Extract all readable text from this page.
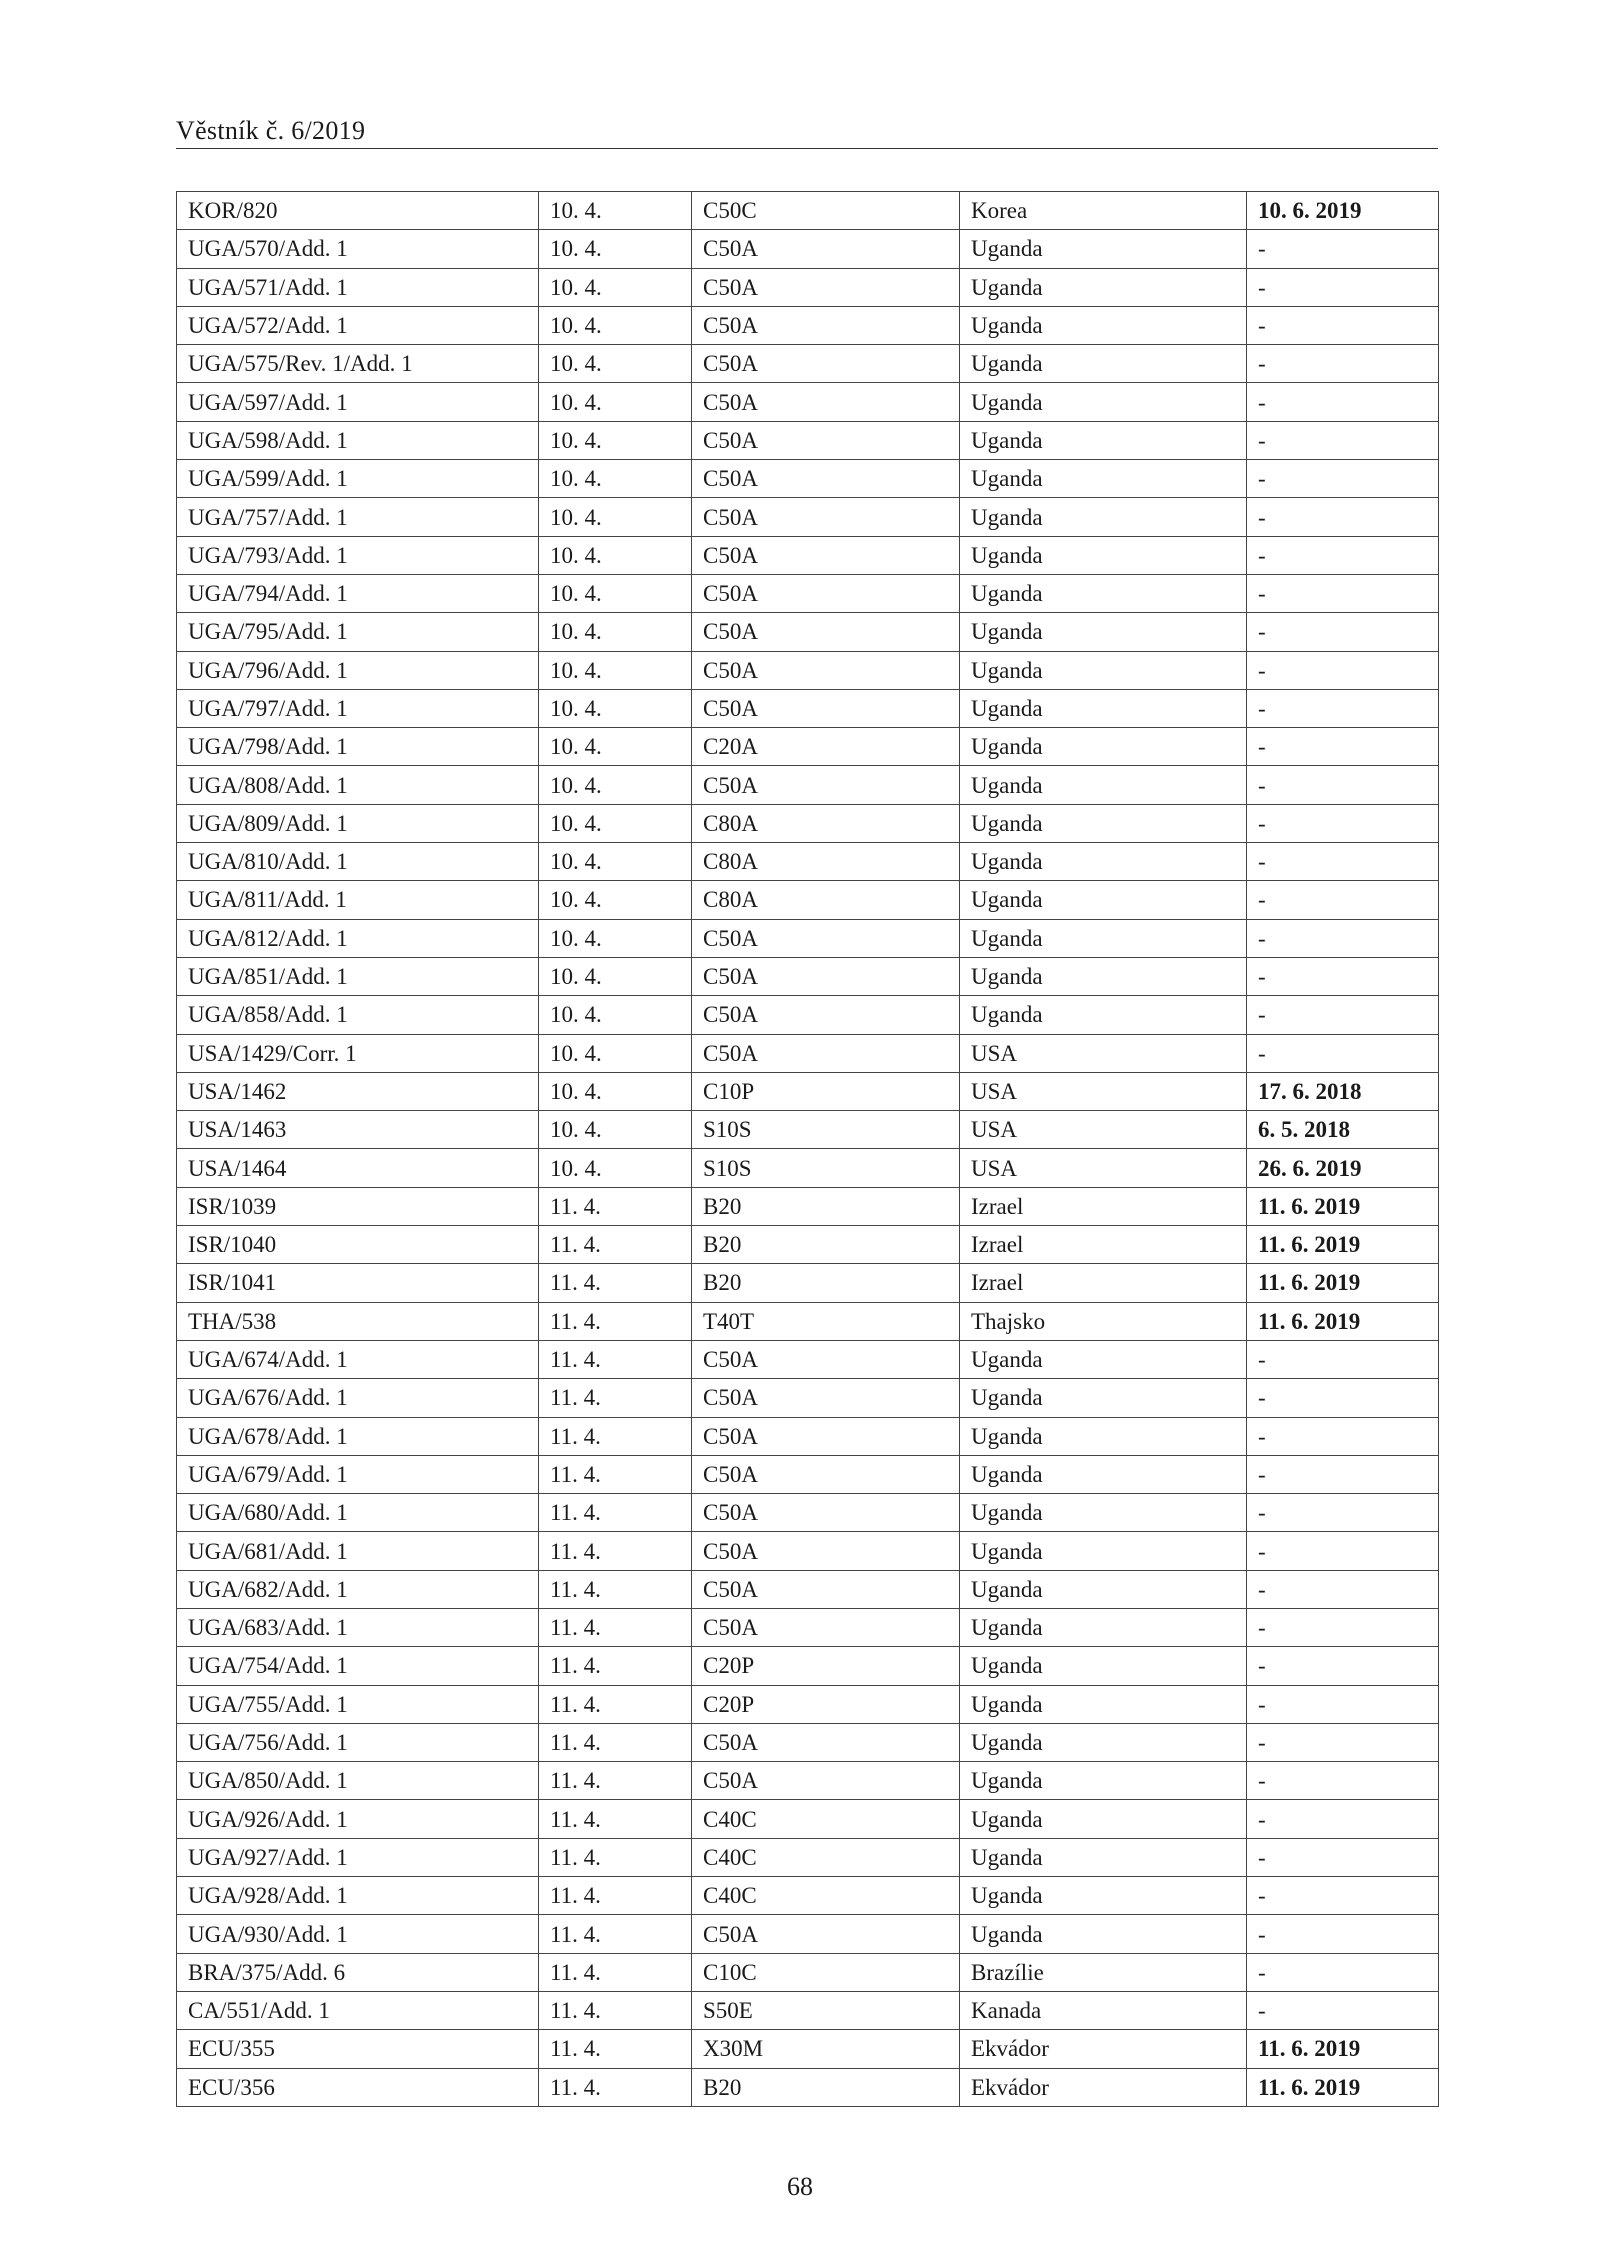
Věstník č. 6/2019
KOR/820	10. 4.	C50C	Korea	10. 6. 2019
UGA/570/Add. 1	10. 4.	C50A	Uganda	-
UGA/571/Add. 1	10. 4.	C50A	Uganda	-
UGA/572/Add. 1	10. 4.	C50A	Uganda	-
UGA/575/Rev. 1/Add. 1	10. 4.	C50A	Uganda	-
UGA/597/Add. 1	10. 4.	C50A	Uganda	-
UGA/598/Add. 1	10. 4.	C50A	Uganda	-
UGA/599/Add. 1	10. 4.	C50A	Uganda	-
UGA/757/Add. 1	10. 4.	C50A	Uganda	-
UGA/793/Add. 1	10. 4.	C50A	Uganda	-
UGA/794/Add. 1	10. 4.	C50A	Uganda	-
UGA/795/Add. 1	10. 4.	C50A	Uganda	-
UGA/796/Add. 1	10. 4.	C50A	Uganda	-
UGA/797/Add. 1	10. 4.	C50A	Uganda	-
UGA/798/Add. 1	10. 4.	C20A	Uganda	-
UGA/808/Add. 1	10. 4.	C50A	Uganda	-
UGA/809/Add. 1	10. 4.	C80A	Uganda	-
UGA/810/Add. 1	10. 4.	C80A	Uganda	-
UGA/811/Add. 1	10. 4.	C80A	Uganda	-
UGA/812/Add. 1	10. 4.	C50A	Uganda	-
UGA/851/Add. 1	10. 4.	C50A	Uganda	-
UGA/858/Add. 1	10. 4.	C50A	Uganda	-
USA/1429/Corr. 1	10. 4.	C50A	USA	-
USA/1462	10. 4.	C10P	USA	17. 6. 2018
USA/1463	10. 4.	S10S	USA	6. 5. 2018
USA/1464	10. 4.	S10S	USA	26. 6. 2019
ISR/1039	11. 4.	B20	Izrael	11. 6. 2019
ISR/1040	11. 4.	B20	Izrael	11. 6. 2019
ISR/1041	11. 4.	B20	Izrael	11. 6. 2019
THA/538	11. 4.	T40T	Thajsko	11. 6. 2019
UGA/674/Add. 1	11. 4.	C50A	Uganda	-
UGA/676/Add. 1	11. 4.	C50A	Uganda	-
UGA/678/Add. 1	11. 4.	C50A	Uganda	-
UGA/679/Add. 1	11. 4.	C50A	Uganda	-
UGA/680/Add. 1	11. 4.	C50A	Uganda	-
UGA/681/Add. 1	11. 4.	C50A	Uganda	-
UGA/682/Add. 1	11. 4.	C50A	Uganda	-
UGA/683/Add. 1	11. 4.	C50A	Uganda	-
UGA/754/Add. 1	11. 4.	C20P	Uganda	-
UGA/755/Add. 1	11. 4.	C20P	Uganda	-
UGA/756/Add. 1	11. 4.	C50A	Uganda	-
UGA/850/Add. 1	11. 4.	C50A	Uganda	-
UGA/926/Add. 1	11. 4.	C40C	Uganda	-
UGA/927/Add. 1	11. 4.	C40C	Uganda	-
UGA/928/Add. 1	11. 4.	C40C	Uganda	-
UGA/930/Add. 1	11. 4.	C50A	Uganda	-
BRA/375/Add. 6	11. 4.	C10C	Brazílie	-
CA/551/Add. 1	11. 4.	S50E	Kanada	-
ECU/355	11. 4.	X30M	Ekvádor	11. 6. 2019
ECU/356	11. 4.	B20	Ekvádor	11. 6. 2019
68
